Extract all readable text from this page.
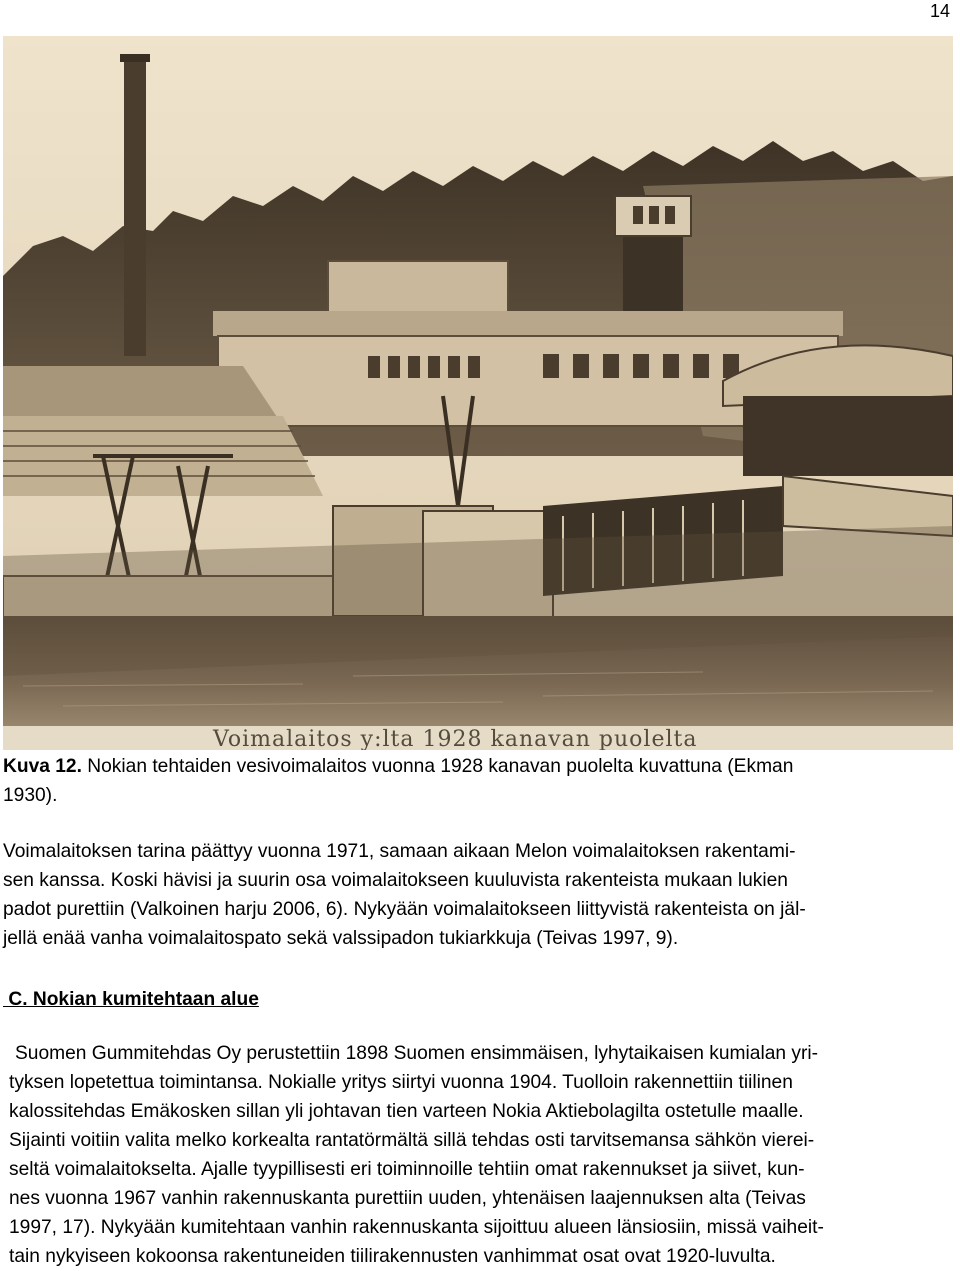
14
Voimalaitos y:lta 1928 kanavan puolelta
Kuva 12. Nokian tehtaiden vesivoimalaitos vuonna 1928 kanavan puolelta kuvattuna (Ekman
1930).
Voimalaitoksen tarina päättyy vuonna 1971, samaan aikaan Melon voimalaitoksen rakentami-
sen kanssa. Koski hävisi ja suurin osa voimalaitokseen kuuluvista rakenteista mukaan lukien
padot purettiin (Valkoinen harju 2006, 6). Nykyään voimalaitokseen liittyvistä rakenteista on jäl-
jellä enää vanha voimalaitospato sekä valssipadon tukiarkkuja (Teivas 1997, 9).
C. Nokian kumitehtaan alue
Suomen Gummitehdas Oy perustettiin 1898 Suomen ensimmäisen, lyhytaikaisen kumialan yri-
tyksen lopetettua toimintansa. Nokialle yritys siirtyi vuonna 1904. Tuolloin rakennettiin tiilinen
kalossitehdas Emäkosken sillan yli johtavan tien varteen Nokia Aktiebolagilta ostetulle maalle.
Sijainti voitiin valita melko korkealta rantatörmältä sillä tehdas osti tarvitsemansa sähkön vierei-
seltä voimalaitokselta. Ajalle tyypillisesti eri toiminnoille tehtiin omat rakennukset ja siivet, kun-
nes vuonna 1967 vanhin rakennuskanta purettiin uuden, yhtenäisen laajennuksen alta (Teivas
1997, 17). Nykyään kumitehtaan vanhin rakennuskanta sijoittuu alueen länsiosiin, missä vaiheit-
tain nykyiseen kokoonsa rakentuneiden tiilirakennusten vanhimmat osat ovat 1920-luvulta.
